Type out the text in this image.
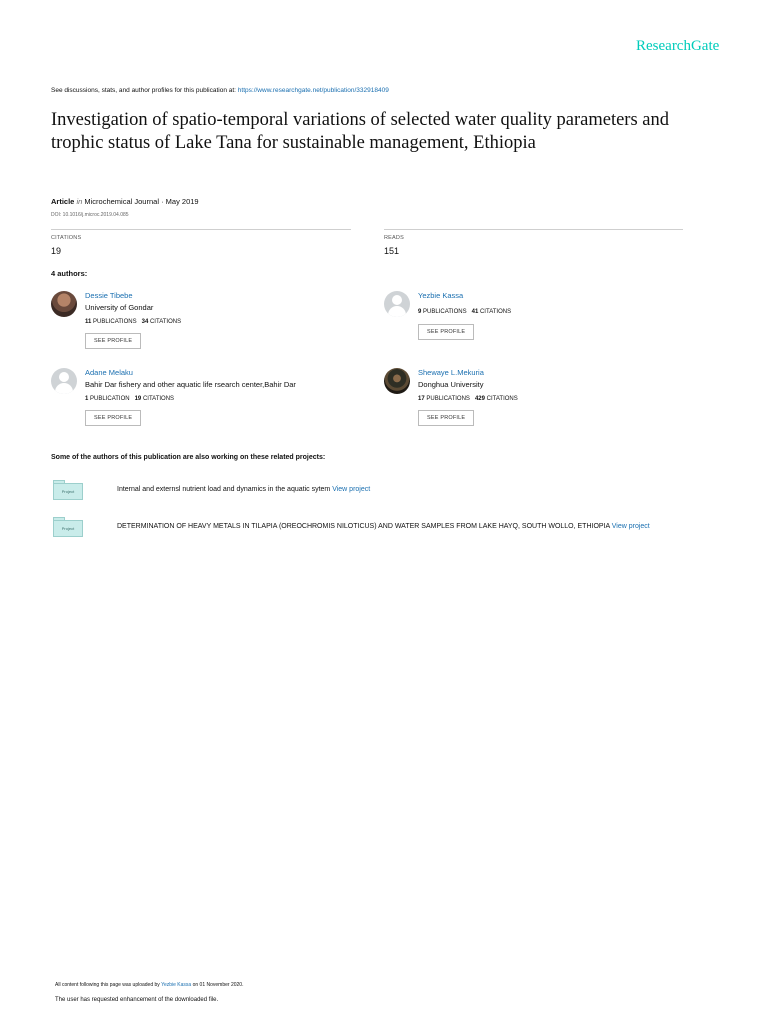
ResearchGate
See discussions, stats, and author profiles for this publication at: https://www.researchgate.net/publication/332918409
Investigation of spatio-temporal variations of selected water quality parameters and trophic status of Lake Tana for sustainable management, Ethiopia
Article in Microchemical Journal · May 2019
DOI: 10.1016/j.microc.2019.04.085
CITATIONS
19
READS
151
4 authors:
Dessie Tibebe
University of Gondar
11 PUBLICATIONS 34 CITATIONS
SEE PROFILE
Yezbie Kassa
9 PUBLICATIONS 41 CITATIONS
SEE PROFILE
Adane Melaku
Bahir Dar fishery and other aquatic life rsearch center,Bahir Dar
1 PUBLICATION 19 CITATIONS
SEE PROFILE
Shewaye L.Mekuria
Donghua University
17 PUBLICATIONS 429 CITATIONS
SEE PROFILE
Some of the authors of this publication are also working on these related projects:
Project	Internal and externsl nutrient load and dynamics in the aquatic sytem View project
Project	DETERMINATION OF HEAVY METALS IN TILAPIA (OREOCHROMIS NILOTICUS) AND WATER SAMPLES FROM LAKE HAYQ, SOUTH WOLLO, ETHIOPIA View project
All content following this page was uploaded by Yezbie Kassa on 01 November 2020.
The user has requested enhancement of the downloaded file.
